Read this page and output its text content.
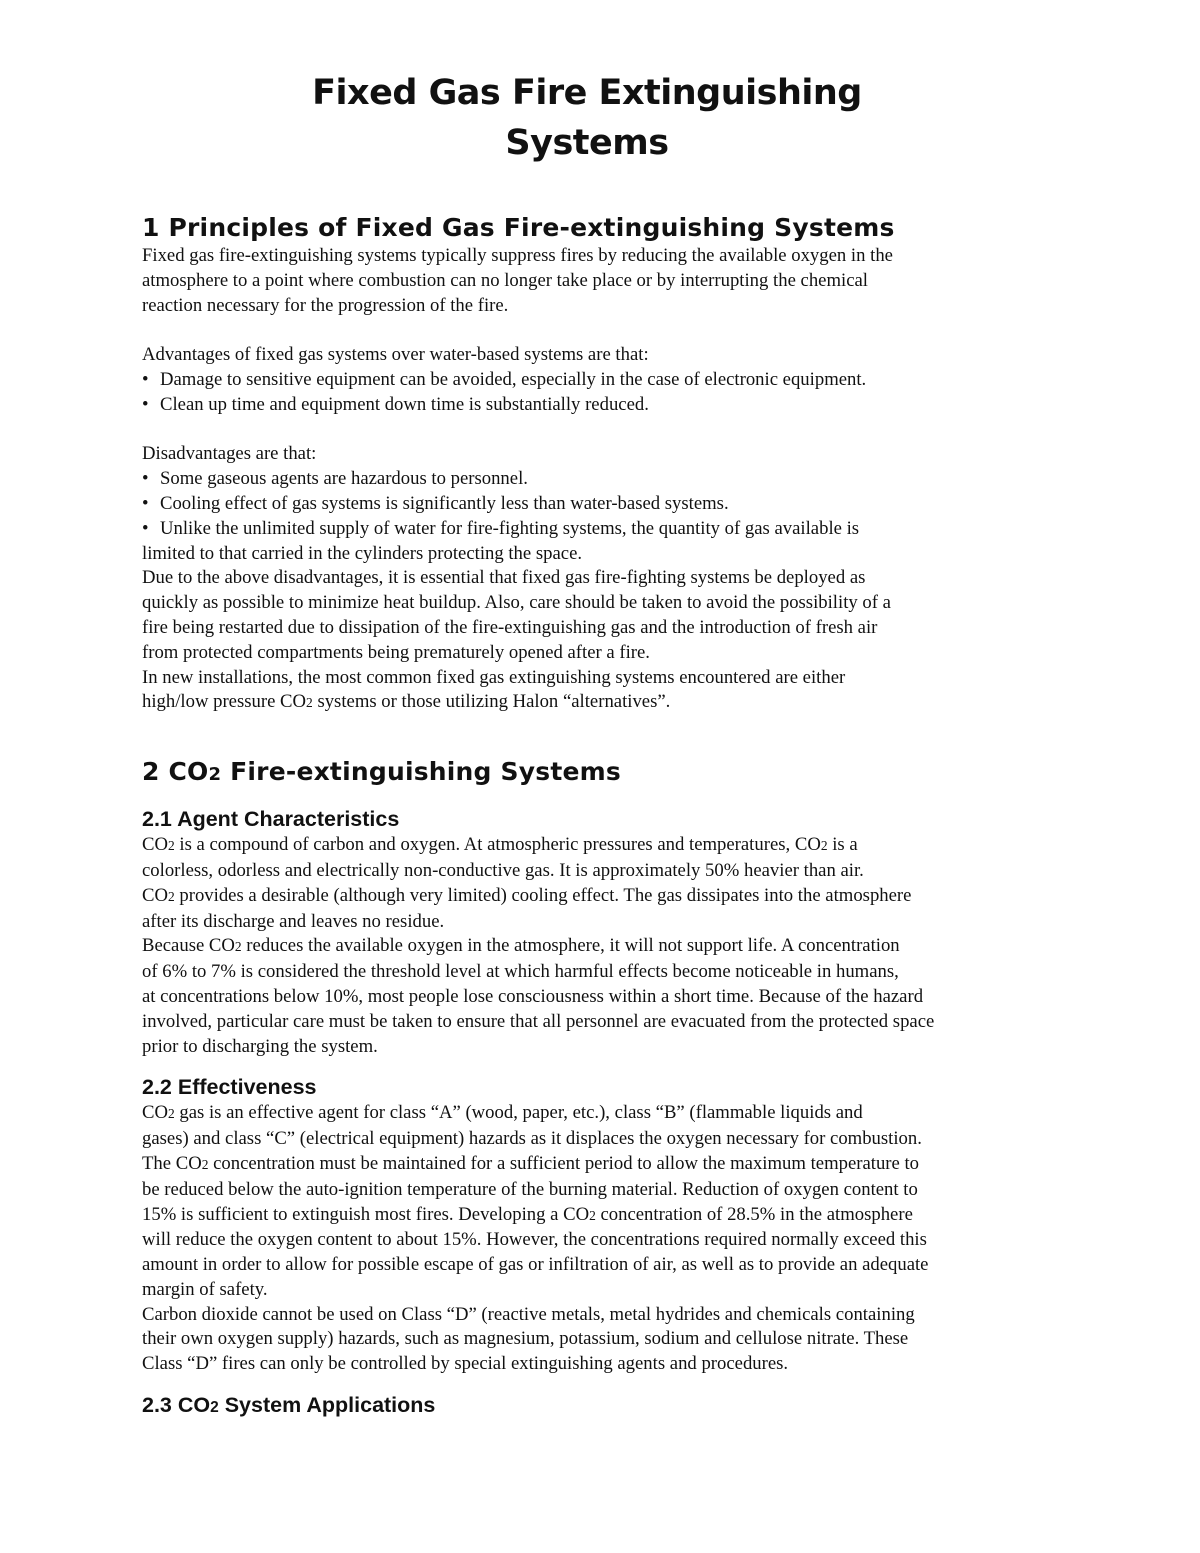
Fixed Gas Fire Extinguishing
Systems
1 Principles of Fixed Gas Fire-extinguishing Systems
Fixed gas fire-extinguishing systems typically suppress fires by reducing the available oxygen in the
atmosphere to a point where combustion can no longer take place or by interrupting the chemical
reaction necessary for the progression of the fire.
Advantages of fixed gas systems over water-based systems are that:
• Damage to sensitive equipment can be avoided, especially in the case of electronic equipment.
• Clean up time and equipment down time is substantially reduced.
Disadvantages are that:
• Some gaseous agents are hazardous to personnel.
• Cooling effect of gas systems is significantly less than water-based systems.
• Unlike the unlimited supply of water for fire-fighting systems, the quantity of gas available is
limited to that carried in the cylinders protecting the space.
Due to the above disadvantages, it is essential that fixed gas fire-fighting systems be deployed as
quickly as possible to minimize heat buildup. Also, care should be taken to avoid the possibility of a
fire being restarted due to dissipation of the fire-extinguishing gas and the introduction of fresh air
from protected compartments being prematurely opened after a fire.
In new installations, the most common fixed gas extinguishing systems encountered are either
high/low pressure CO2 systems or those utilizing Halon “alternatives”.
2 CO2 Fire-extinguishing Systems
2.1 Agent Characteristics
CO2 is a compound of carbon and oxygen. At atmospheric pressures and temperatures, CO2 is a
colorless, odorless and electrically non-conductive gas. It is approximately 50% heavier than air.
CO2 provides a desirable (although very limited) cooling effect. The gas dissipates into the atmosphere
after its discharge and leaves no residue.
Because CO2 reduces the available oxygen in the atmosphere, it will not support life. A concentration
of 6% to 7% is considered the threshold level at which harmful effects become noticeable in humans,
at concentrations below 10%, most people lose consciousness within a short time. Because of the hazard
involved, particular care must be taken to ensure that all personnel are evacuated from the protected space
prior to discharging the system.
2.2 Effectiveness
CO2 gas is an effective agent for class “A” (wood, paper, etc.), class “B” (flammable liquids and
gases) and class “C” (electrical equipment) hazards as it displaces the oxygen necessary for combustion.
The CO2 concentration must be maintained for a sufficient period to allow the maximum temperature to
be reduced below the auto-ignition temperature of the burning material. Reduction of oxygen content to
15% is sufficient to extinguish most fires. Developing a CO2 concentration of 28.5% in the atmosphere
will reduce the oxygen content to about 15%. However, the concentrations required normally exceed this
amount in order to allow for possible escape of gas or infiltration of air, as well as to provide an adequate
margin of safety.
Carbon dioxide cannot be used on Class “D” (reactive metals, metal hydrides and chemicals containing
their own oxygen supply) hazards, such as magnesium, potassium, sodium and cellulose nitrate. These
Class “D” fires can only be controlled by special extinguishing agents and procedures.
2.3 CO2 System Applications
